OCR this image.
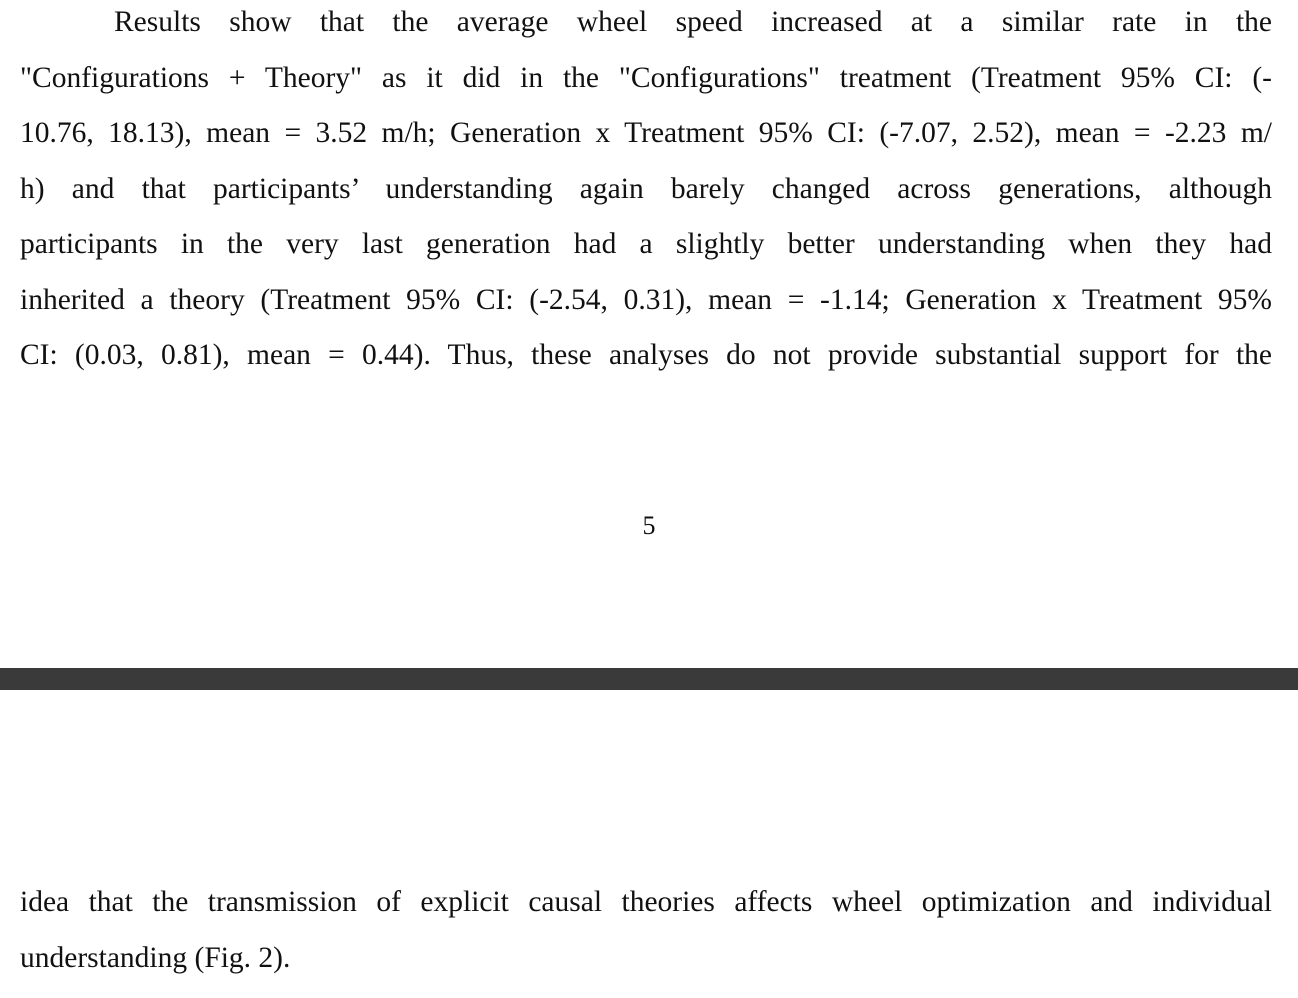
Results show that the average wheel speed increased at a similar rate in the
"Configurations + Theory" as it did in the "Configurations" treatment (Treatment 95% CI: (-
10.76, 18.13), mean = 3.52 m/h; Generation x Treatment 95% CI: (-7.07, 2.52), mean = -2.23 m/
h) and that participants’ understanding again barely changed across generations, although
participants in the very last generation had a slightly better understanding when they had
inherited a theory (Treatment 95% CI: (-2.54, 0.31), mean = -1.14; Generation x Treatment 95%
CI: (0.03, 0.81), mean = 0.44). Thus, these analyses do not provide substantial support for the
5
idea that the transmission of explicit causal theories affects wheel optimization and individual
understanding (Fig. 2).
